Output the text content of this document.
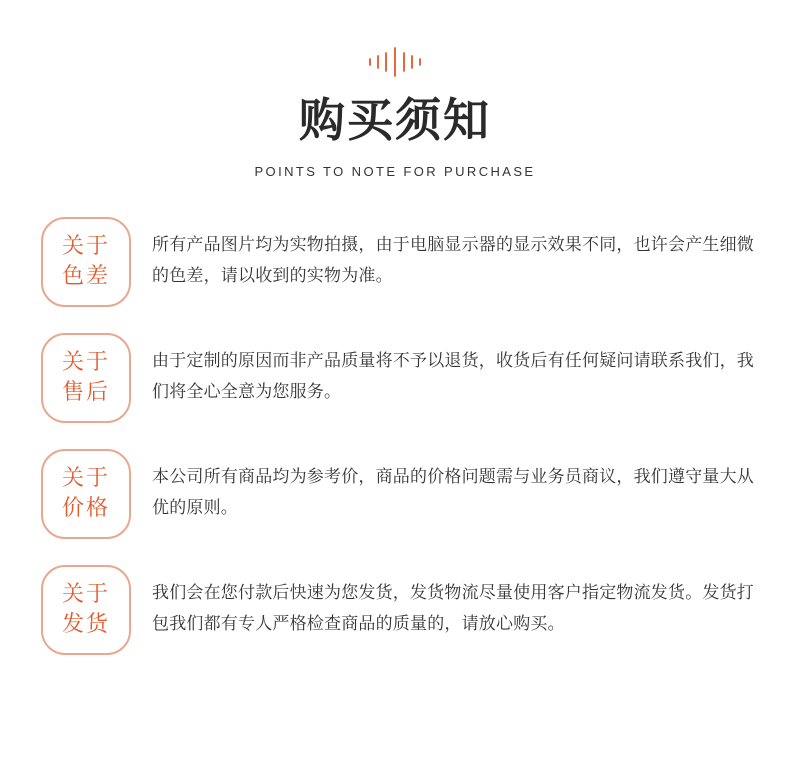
购买须知
POINTS TO NOTE FOR PURCHASE
关于
色差
所有产品图片均为实物拍摄，由于电脑显示器的显示效果不同，也许会产生细微的色差，请以收到的实物为准。
关于
售后
由于定制的原因而非产品质量将不予以退货，收货后有任何疑问请联系我们，我们将全心全意为您服务。
关于
价格
本公司所有商品均为参考价，商品的价格问题需与业务员商议，我们遵守量大从优的原则。
关于
发货
我们会在您付款后快速为您发货，发货物流尽量使用客户指定物流发货。发货打包我们都有专人严格检查商品的质量的，请放心购买。
